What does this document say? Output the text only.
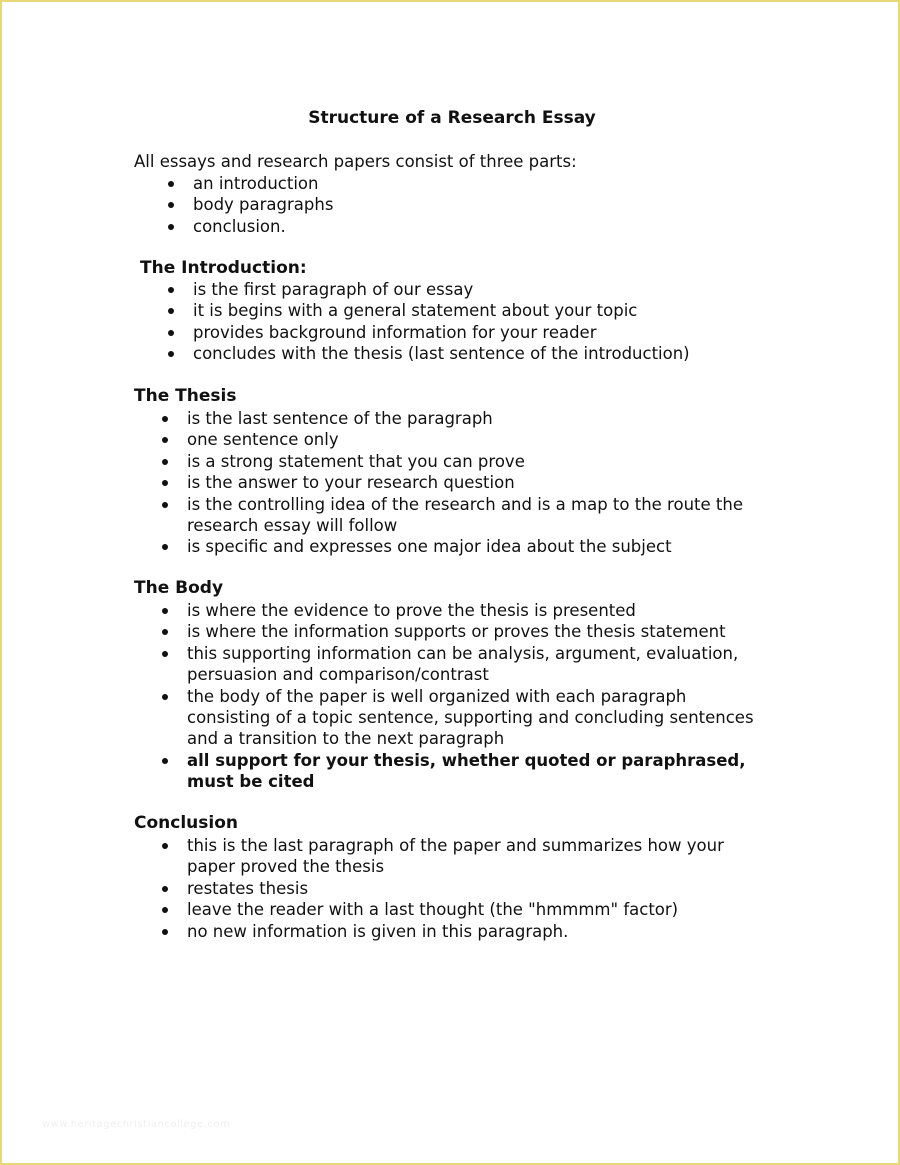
Structure of a Research Essay

All essays and research papers consist of three parts:

an introduction
body paragraphs
conclusion.
The Introduction:
is the first paragraph of our essay
it is begins with a general statement about your topic
provides background information for your reader
concludes with the thesis (last sentence of the introduction)
The Thesis
is the last sentence of the paragraph
one sentence only
is a strong statement that you can prove
is the answer to your research question
is the controlling idea of the research and is a map to the route the research essay will follow
is specific and expresses one major idea about the subject
The Body
is where the evidence to prove the thesis is presented
is where the information supports or proves the thesis statement
this supporting information can be analysis, argument, evaluation, persuasion and comparison/contrast
the body of the paper is well organized with each paragraph consisting of a topic sentence, supporting and concluding sentences and a transition to the next paragraph
all support for your thesis, whether quoted or paraphrased, must be cited
Conclusion
this is the last paragraph of the paper and summarizes how your paper proved the thesis
restates thesis
leave the reader with a last thought (the "hmmmm" factor)
no new information is given in this paragraph.
www.heritagechristiancollege.com
